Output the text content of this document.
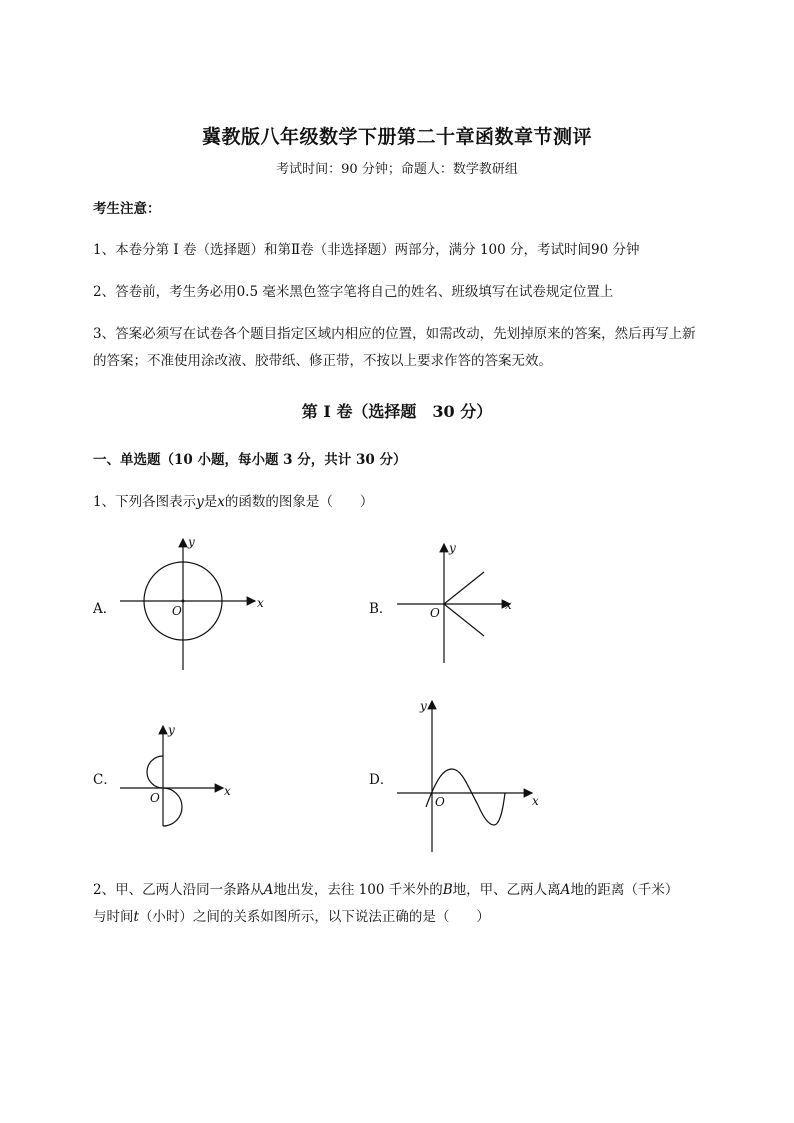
冀教版八年级数学下册第二十章函数章节测评
考试时间：90 分钟；命题人：数学教研组
考生注意：
1、本卷分第 I 卷（选择题）和第Ⅱ卷（非选择题）两部分，满分 100 分，考试时间90 分钟
2、答卷前，考生务必用0.5 毫米黑色签字笔将自己的姓名、班级填写在试卷规定位置上
3、答案必须写在试卷各个题目指定区域内相应的位置，如需改动，先划掉原来的答案，然后再写上新
的答案；不准使用涂改液、胶带纸、修正带，不按以上要求作答的答案无效。
第 I 卷（选择题　30 分）
一、单选题（10 小题，每小题 3 分，共计 30 分）
1、下列各图表示y是x的函数的图象是（　　）
A．	x
y
O	B．	x
y
O
C．
x
y
O
D．
x
y
O
2、甲、乙两人沿同一条路从A地出发，去往 100 千米外的B地，甲、乙两人离A地的距离（千米）
与时间t（小时）之间的关系如图所示，以下说法正确的是（　　）
